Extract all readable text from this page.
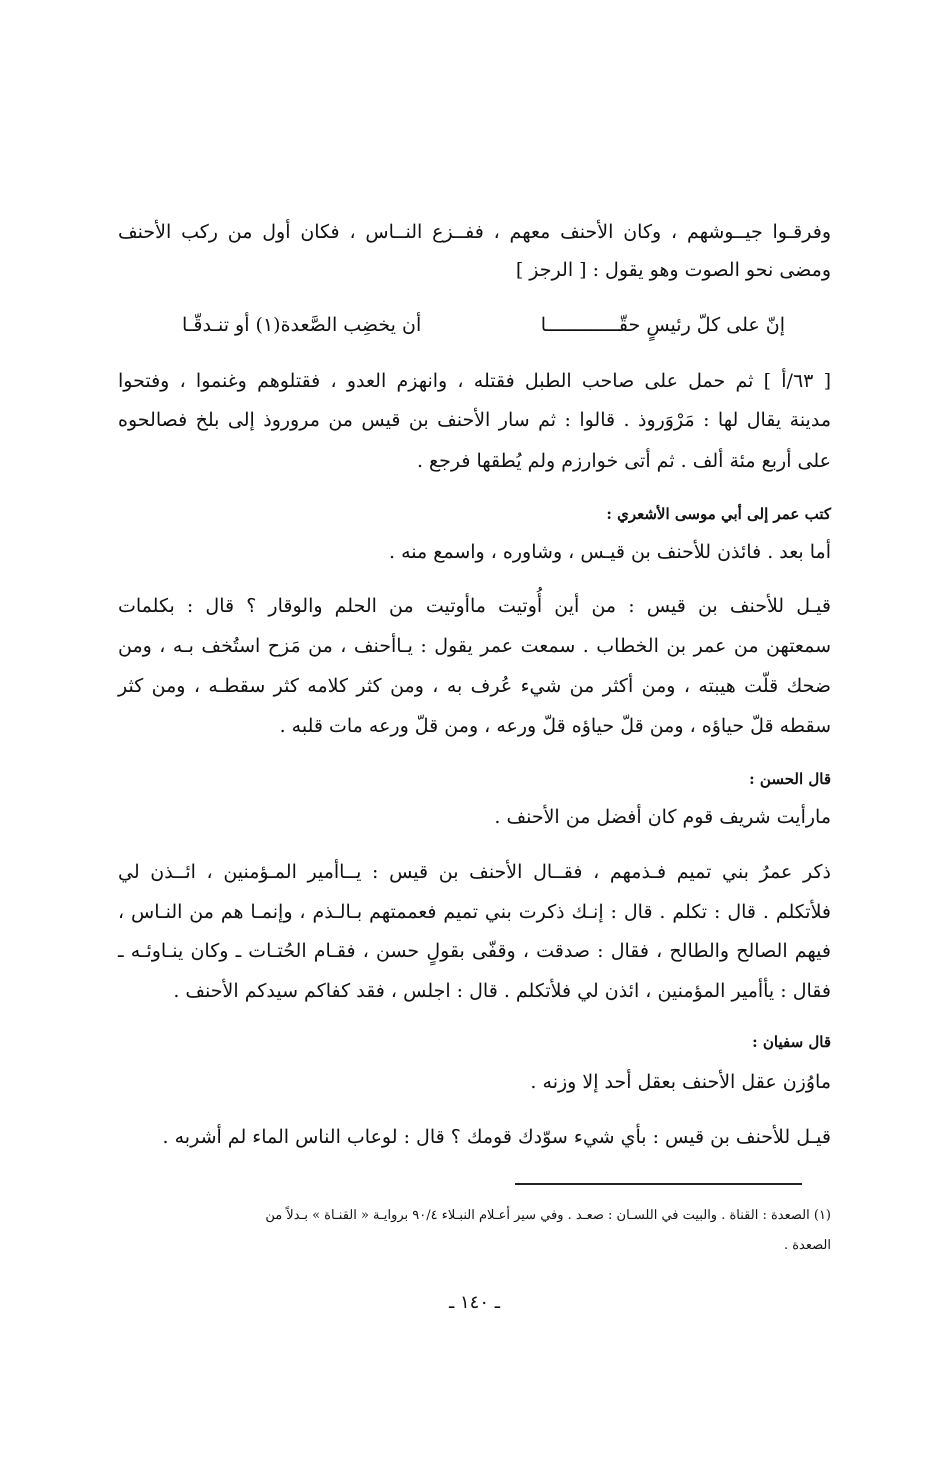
وفرقـوا جيــوشهم ، وكان الأحنف معهم ، ففــزع النــاس ، فكان أول من ركب الأحنف
ومضى نحو الصوت وهو يقول : [ الرجز ]
إنّ على كلّ رئيسٍ حقّـــــــــــــا
أن يخضِب الصَّعدة(١) أو تنـدقّـا
[ ٦٣/أ ] ثم حمل على صاحب الطبل فقتله ، وانهزم العدو ، فقتلوهم وغنموا ، وفتحوا
مدينة يقال لها : مَرْوَروذ . قالوا : ثم سار الأحنف بن قيس من مروروذ إلى بلخ فصالحوه
على أربع مئة ألف . ثم أتى خوارزم ولم يُطقها فرجع .
كتب عمر إلى أبي موسى الأشعري :
أما بعد . فائذن للأحنف بن قيـس ، وشاوره ، واسمع منه .
قيـل للأحنف بن قيس : من أين أُوتيت ماأوتيت من الحلم والوقار ؟ قال : بكلمات
سمعتهن من عمر بن الخطاب . سمعت عمر يقول : يـاأحنف ، من مَزح استُخف بـه ، ومن
ضحك قلّت هيبته ، ومن أكثر من شيء عُرف به ، ومن كثر كلامه كثر سقطـه ، ومن كثر
سقطه قلّ حياؤه ، ومن قلّ حياؤه قلّ ورعه ، ومن قلّ ورعه مات قلبه .
قال الحسن :
مارأيت شريف قوم كان أفضل من الأحنف .
ذكر عمرُ بني تميم فـذمهم ، فقــال الأحنف بن قيس : يــاأمير المـؤمنين ، ائــذن لي
فلأتكلم . قال : تكلم . قال : إنـك ذكرت بني تميم فعممتهم بـالـذم ، وإنمـا هم من النـاس ،
فيهم الصالح والطالح ، فقال : صدقت ، وقفّى بقولٍ حسن ، فقـام الحُتـات ـ وكان ينـاوئـه ـ
فقال : يأأمير المؤمنين ، ائذن لي فلأتكلم . قال : اجلس ، فقد كفاكم سيدكم الأحنف .
قال سفيان :
ماوُزن عقل الأحنف بعقل أحد إلا وزنه .
قيـل للأحنف بن قيس : بأي شيء سوّدك قومك ؟ قال : لوعاب الناس الماء لم أشربه .
(١) الصعدة : القناة . والبيت في اللسـان : صعـد . وفي سير أعـلام النبـلاء ٩٠/٤ بروايـة « القنـاة » بـدلاً من
الصعدة .
ـ ١٤٠ ـ
